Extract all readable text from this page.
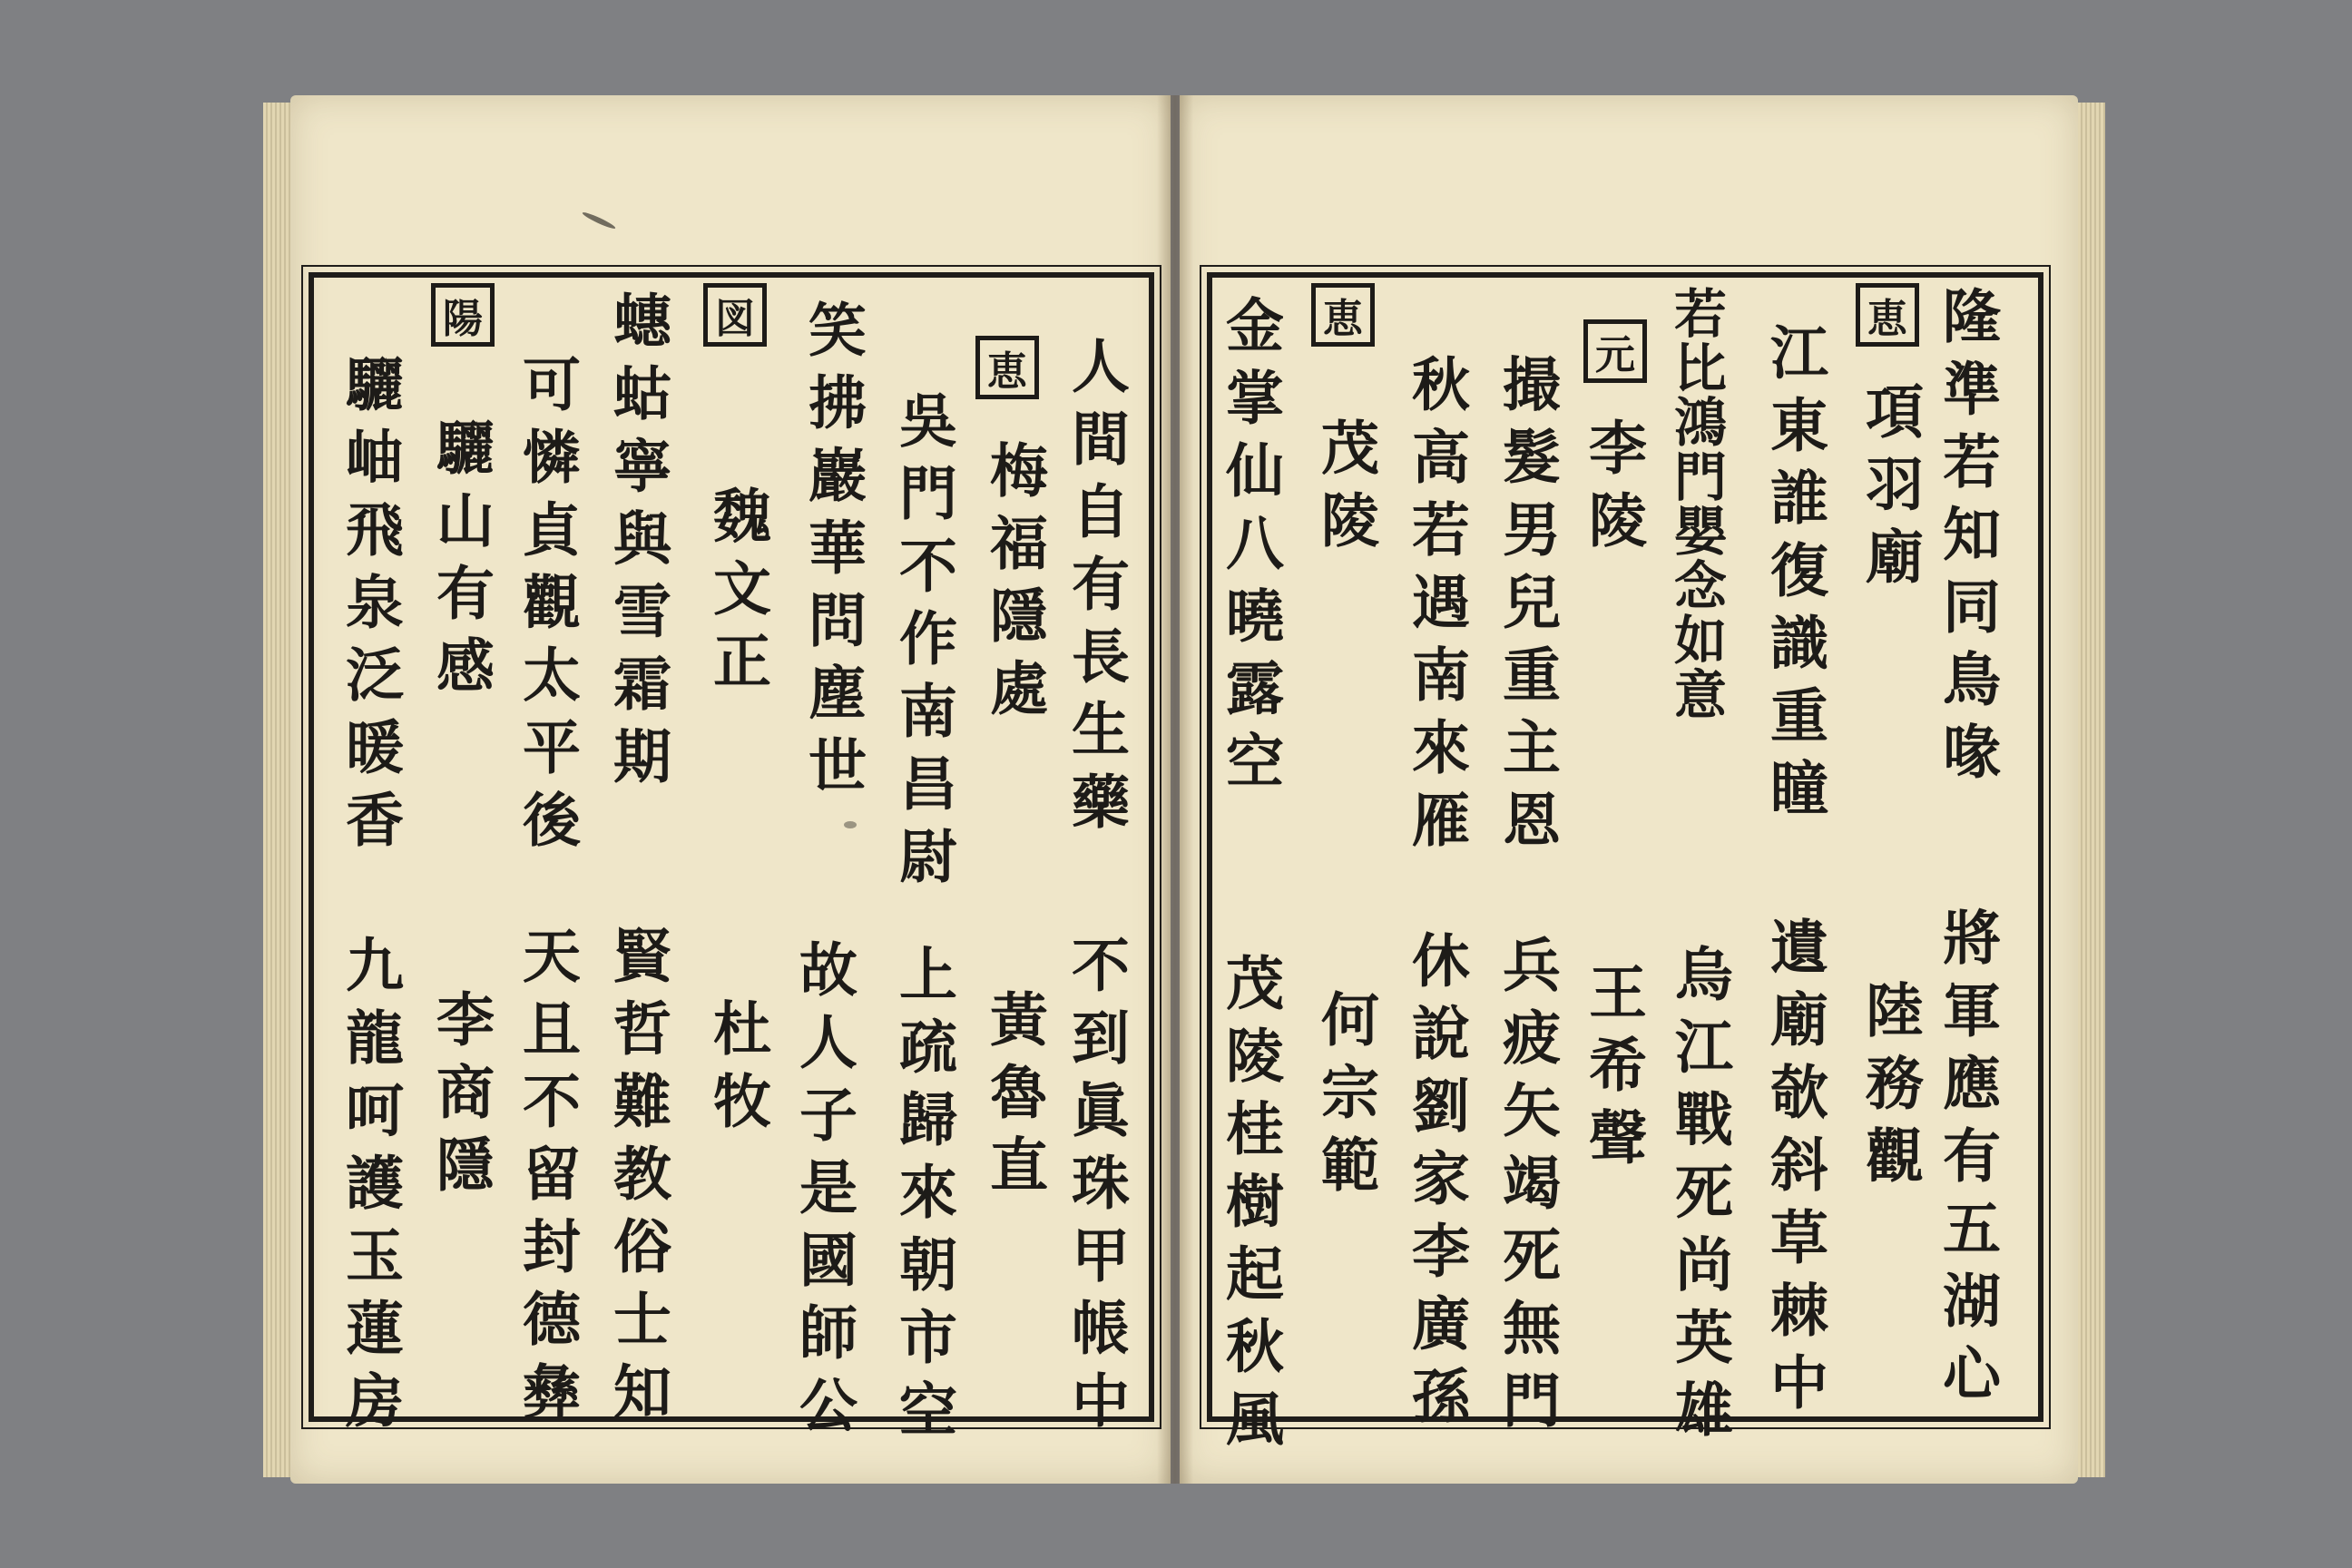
隆準若知同鳥喙
項羽廟
江東誰復識重瞳
若比鴻門嬰念如意
李陵
撮髮男兒重主恩
秋高若遇南來雁
茂陵
金掌仙八曉露空	恵
元
恵
將軍應有五湖心
陸務觀
遺廟欹斜草棘中
烏江戰死尚英雄
王希聲
兵疲矢竭死無門
休說劉家李廣孫
何宗範
茂陵桂樹起秋風
人間自有長生藥
梅福隱處
吳門不作南昌尉
笑拂巖華問塵世
魏文正
蟪蛄寧與雪霜期
可憐貞觀太平後
驪山有感
驪岫飛泉泛暖香	恵
図
陽
不到眞珠甲帳中
黃魯直
上疏歸來朝市空
故人子是國師公
杜牧
賢哲難教俗士知
天且不留封德彝
李商隱
九龍呵護玉蓮房
